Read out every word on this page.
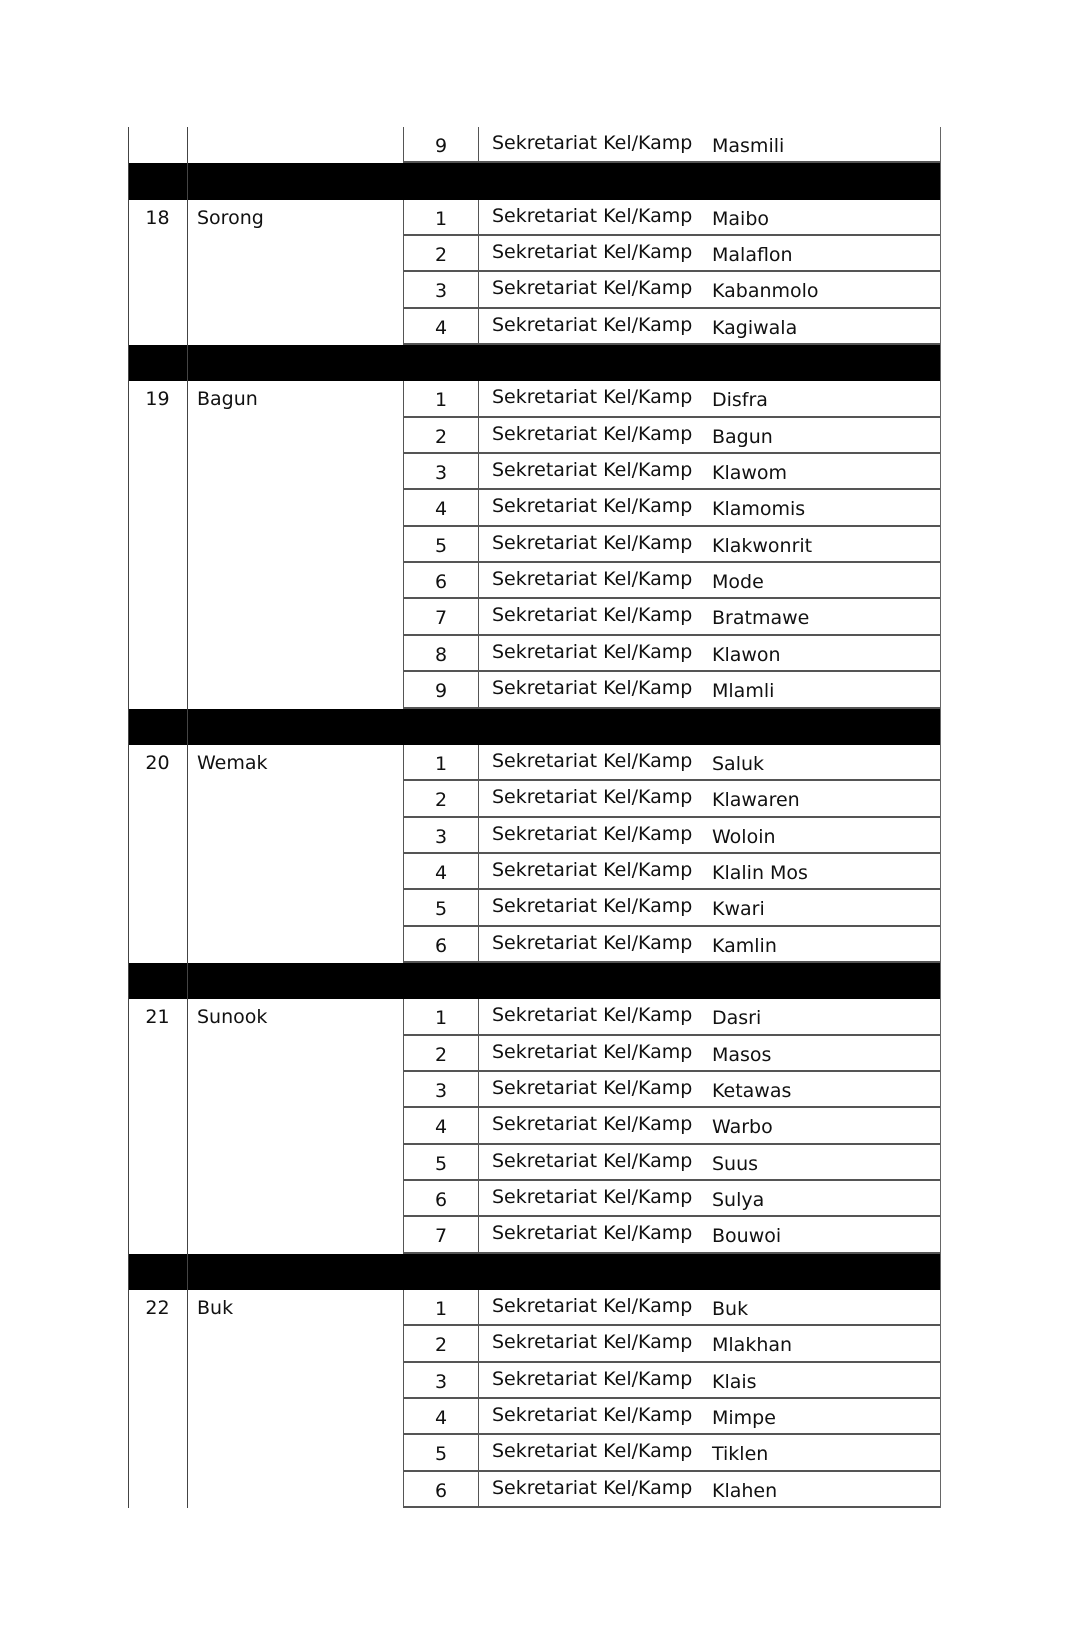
9	Sekretariat Kel/Kamp	Masmili
18	Sorong	1	Sekretariat Kel/Kamp	Maibo
2	Sekretariat Kel/Kamp	Malaflon
3	Sekretariat Kel/Kamp	Kabanmolo
4	Sekretariat Kel/Kamp	Kagiwala
19	Bagun	1	Sekretariat Kel/Kamp	Disfra
2	Sekretariat Kel/Kamp	Bagun
3	Sekretariat Kel/Kamp	Klawom
4	Sekretariat Kel/Kamp	Klamomis
5	Sekretariat Kel/Kamp	Klakwonrit
6	Sekretariat Kel/Kamp	Mode
7	Sekretariat Kel/Kamp	Bratmawe
8	Sekretariat Kel/Kamp	Klawon
9	Sekretariat Kel/Kamp	Mlamli
20	Wemak	1	Sekretariat Kel/Kamp	Saluk
2	Sekretariat Kel/Kamp	Klawaren
3	Sekretariat Kel/Kamp	Woloin
4	Sekretariat Kel/Kamp	Klalin Mos
5	Sekretariat Kel/Kamp	Kwari
6	Sekretariat Kel/Kamp	Kamlin
21	Sunook	1	Sekretariat Kel/Kamp	Dasri
2	Sekretariat Kel/Kamp	Masos
3	Sekretariat Kel/Kamp	Ketawas
4	Sekretariat Kel/Kamp	Warbo
5	Sekretariat Kel/Kamp	Suus
6	Sekretariat Kel/Kamp	Sulya
7	Sekretariat Kel/Kamp	Bouwoi
22	Buk	1	Sekretariat Kel/Kamp	Buk
2	Sekretariat Kel/Kamp	Mlakhan
3	Sekretariat Kel/Kamp	Klais
4	Sekretariat Kel/Kamp	Mimpe
5	Sekretariat Kel/Kamp	Tiklen
6	Sekretariat Kel/Kamp	Klahen
